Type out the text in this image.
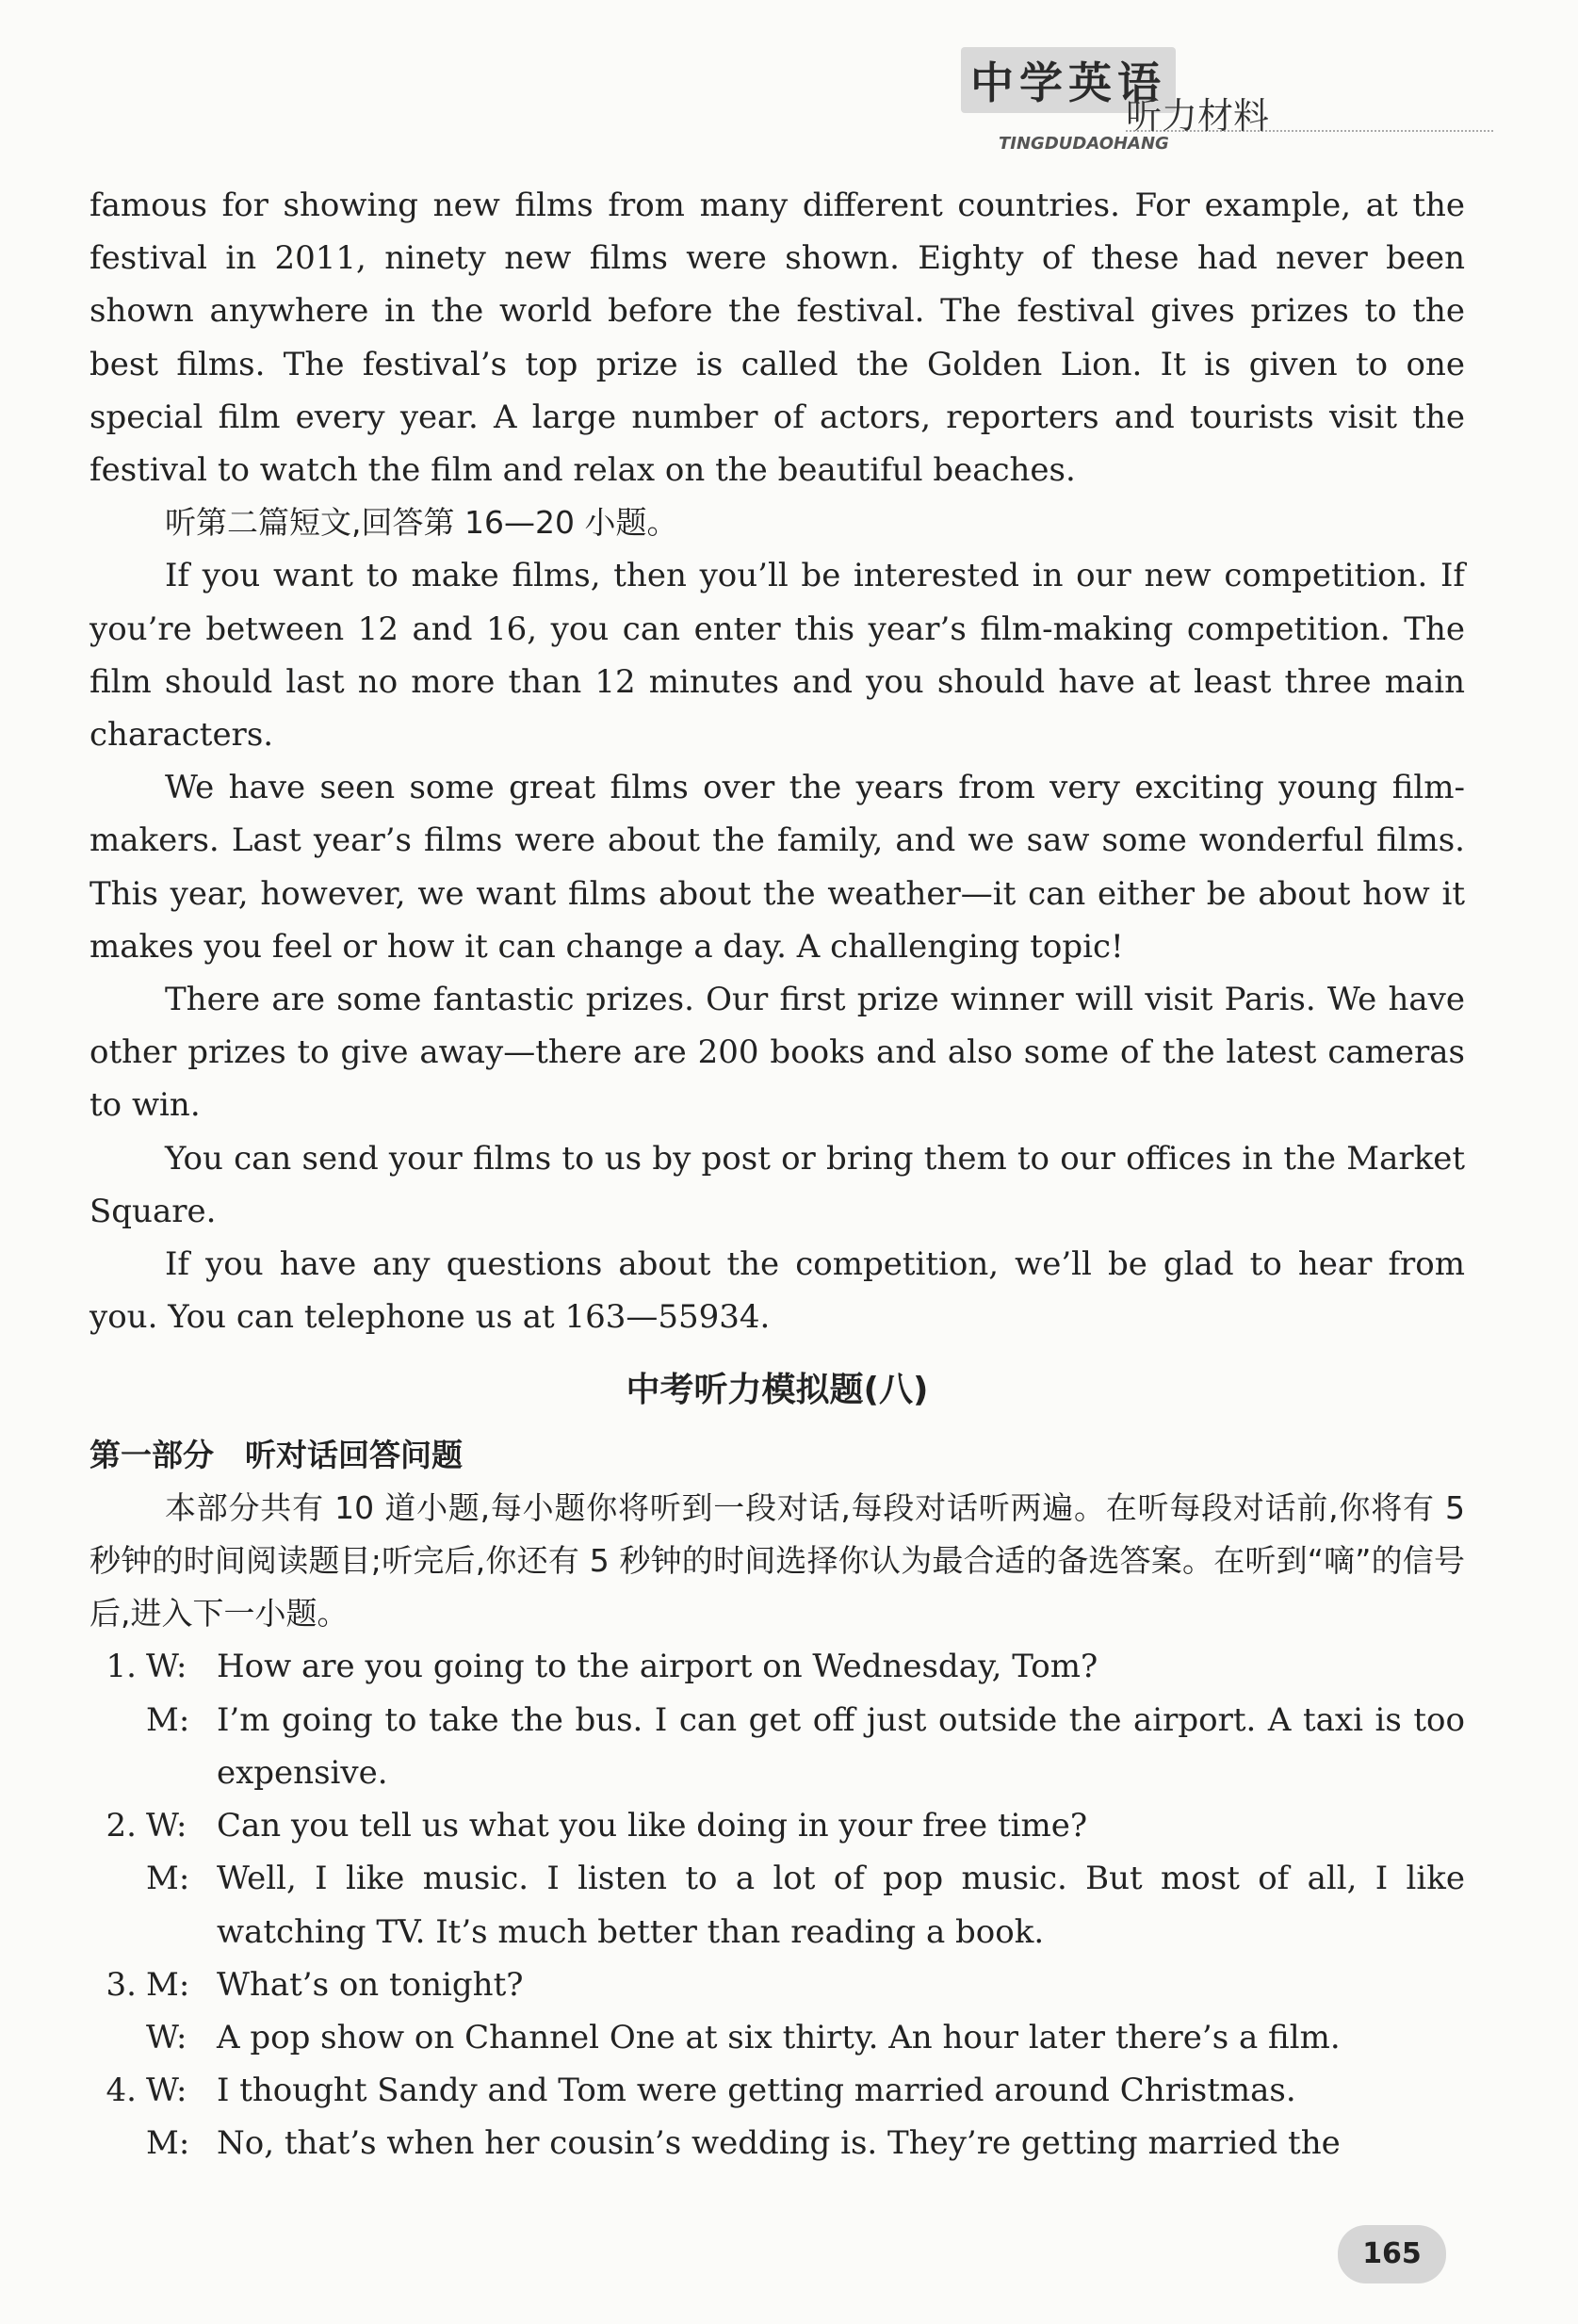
中学英语
听力材料
TINGDUDAOHANG

famous for showing new films from many different countries. For example, at the festival in 2011, ninety new films were shown. Eighty of these had never been shown anywhere in the world before the festival. The festival gives prizes to the best films. The festival’s top prize is called the Golden Lion. It is given to one special film every year. A large number of actors, reporters and tourists visit the festival to watch the film and relax on the beautiful beaches.

听第二篇短文,回答第 16—20 小题。

If you want to make films, then you’ll be interested in our new competition. If you’re between 12 and 16, you can enter this year’s film-making competition. The film should last no more than 12 minutes and you should have at least three main characters.

We have seen some great films over the years from very exciting young film-makers. Last year’s films were about the family, and we saw some wonderful films. This year, however, we want films about the weather—it can either be about how it makes you feel or how it can change a day. A challenging topic!

There are some fantastic prizes. Our first prize winner will visit Paris. We have other prizes to give away—there are 200 books and also some of the latest cameras to win.

You can send your films to us by post or bring them to our offices in the Market Square.

If you have any questions about the competition, we’ll be glad to hear from you. You can telephone us at 163—55934.

中考听力模拟题(八)

第一部分　听对话回答问题

本部分共有 10 道小题,每小题你将听到一段对话,每段对话听两遍。在听每段对话前,你将有 5 秒钟的时间阅读题目;听完后,你还有 5 秒钟的时间选择你认为最合适的备选答案。在听到“嘀”的信号后,进入下一小题。

1. W: How are you going to the airport on Wednesday, Tom?
M: I’m going to take the bus. I can get off just outside the airport. A taxi is too expensive.
2. W: Can you tell us what you like doing in your free time?
M: Well, I like music. I listen to a lot of pop music. But most of all, I like watching TV. It’s much better than reading a book.
3. M: What’s on tonight?
W: A pop show on Channel One at six thirty. An hour later there’s a film.
4. W: I thought Sandy and Tom were getting married around Christmas.
M: No, that’s when her cousin’s wedding is. They’re getting married the
165
